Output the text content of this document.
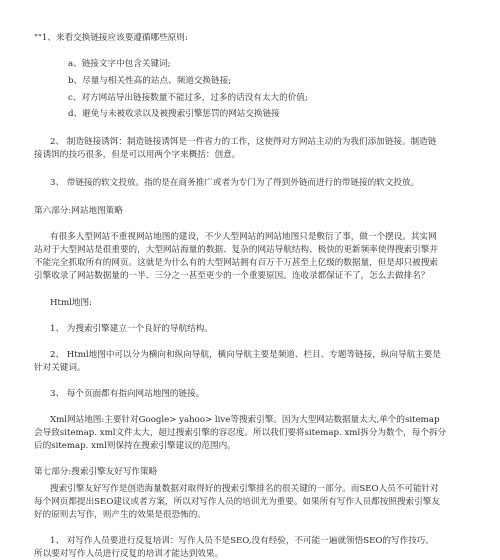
""1、来看交换链接应该要遵循哪些原则:
a、链接文字中包含关键词;
b、尽量与相关性高的站点、频道交换链接;
c、对方网站导出链接数量不能过多，过多的话没有太大的价值;
d、避免与未被收录以及被搜索引擎惩罚的网站交换链接
2、 制造链接诱饵：制造链接诱饵是一件省力的工作，这使得对方网站主动的为我们添加链接。制造链
接诱饵的技巧很多，但是可以用两个字来概括：创意。
3、 带链接的软文投放。指的是在商务推广或者为专门为了得到外链而进行的带链接的软文投放。
第六部分:网站地图策略
有很多人型网站不重视网站地图的建设，不少人型网站的网站地图只是敷衍了事，做一个摆设。其实网
站对于大型网站是很重要的，大型网站海量的数据、复杂的网站导航结构、极快的更新频率使得搜索引擎并
不能完全抓取所有的网页。这就是为什么有的大型网站拥有百万千万甚至上亿级的数据量，但是却只被搜索
引擎收录了网站数据量的一半、三分之一甚至更少的一个重要原因。连收录都保证不了，怎么去做排名？
Html地图:
1、 为搜索引擎建立一个良好的导航结构。
2、 Html地图中可以分为横向和纵向导航，横向导航主要是频道、栏目、专题等链接，纵向导航主要是
针对关键词。
3、 每个页面都有指向网站地图的链接。
Xml网站地图:主要针对Google> yahoo> live等搜索引擎。因为大型网站数据量太大,单个的sitemap
会导致sitemap. xml文件太大，超过搜索引擎的容忍度。所以我们要将sitemap. xml拆分为数个，每个拆分
后的sitemap. xml则保持在搜索引擎建议的范围内。
第七部分:搜索引擎友好写作策略
搜索引擎友好写作是创造海量数据对取得好的搜索引擎排名的很关键的一部分。而SEO人员不可能针对
每个网页都提出SEO建议或者方案，所以对写作人员的培训尤为重要。如果所有写作人员都按照搜索引擎友
好的原则去写作，则产生的效果是很恐怖的。
1、 对写作人员要进行反复培训：写作人员不是SEO,没有经验，不可能一遍就领悟SEO的写作技巧。
所以要对写作人员进行反复的培训才能达到效果。
